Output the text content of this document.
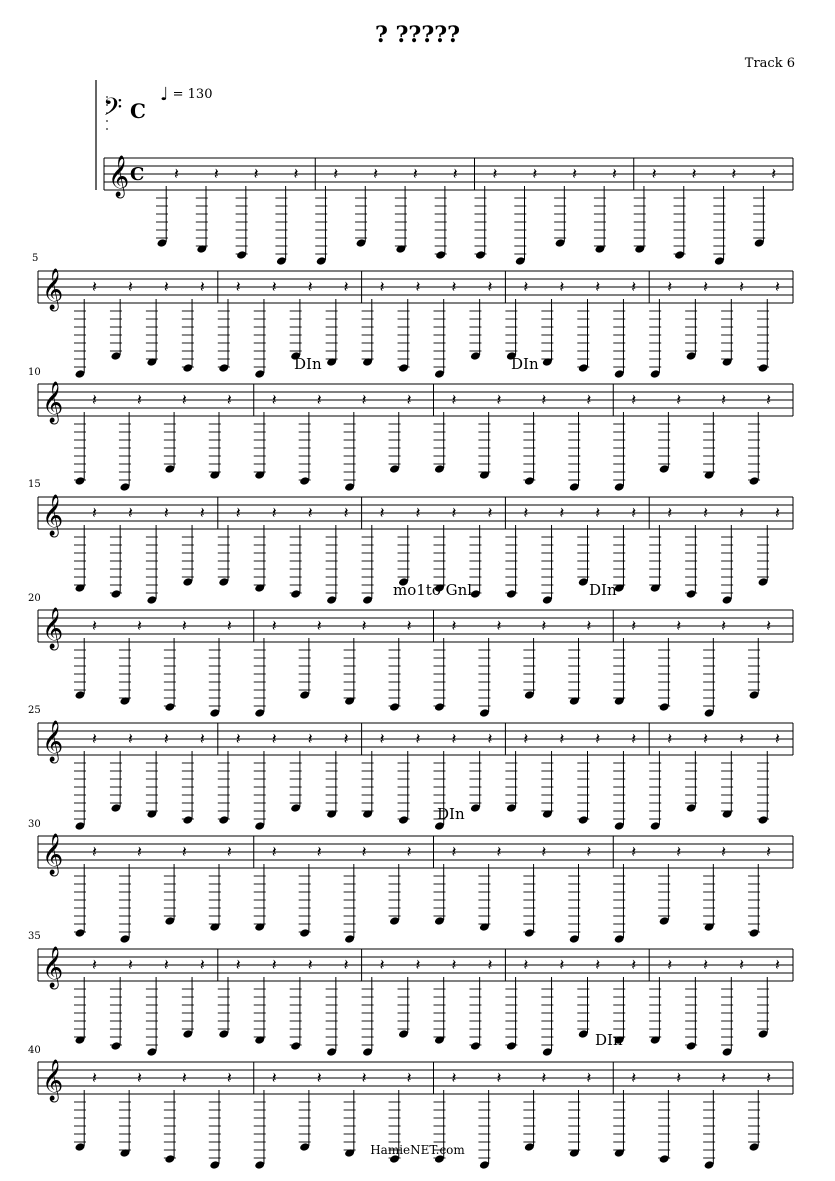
? ?????
Track 6
♩ = 130
𝄢 C
𝄞 C 𝄽 𝄽 𝄽 𝄽 𝄽 𝄽 𝄽 𝄽 𝄽 𝄽 𝄽 𝄽 𝄽 𝄽 𝄽 𝄽
𝄞 𝄽 𝄽 𝄽 𝄽 𝄽 𝄽 𝄽 𝄽 𝄽 𝄽 𝄽 𝄽 𝄽 𝄽 𝄽 𝄽 𝄽 𝄽 𝄽 𝄽
𝄞 𝄽	𝄽	𝄽	𝄽	𝄽	𝄽	𝄽	𝄽	𝄽	𝄽	𝄽	𝄽	𝄽	𝄽	𝄽	𝄽
𝄞 𝄽 𝄽 𝄽 𝄽 𝄽 𝄽 𝄽 𝄽 𝄽 𝄽 𝄽 𝄽 𝄽 𝄽 𝄽 𝄽 𝄽 𝄽 𝄽 𝄽
𝄞 𝄽	𝄽	𝄽	𝄽	𝄽	𝄽	𝄽	𝄽	𝄽	𝄽	𝄽	𝄽	𝄽	𝄽	𝄽	𝄽
𝄞 𝄽 𝄽 𝄽 𝄽 𝄽 𝄽 𝄽 𝄽 𝄽 𝄽 𝄽 𝄽 𝄽 𝄽 𝄽 𝄽 𝄽 𝄽 𝄽 𝄽
𝄞 𝄽	𝄽	𝄽	𝄽	𝄽	𝄽	𝄽	𝄽	𝄽	𝄽	𝄽	𝄽	𝄽	𝄽	𝄽	𝄽
𝄞 𝄽 𝄽 𝄽 𝄽 𝄽 𝄽 𝄽 𝄽 𝄽 𝄽 𝄽 𝄽 𝄽 𝄽 𝄽 𝄽 𝄽 𝄽 𝄽 𝄽
𝄞 𝄽	𝄽	𝄽	𝄽	𝄽	𝄽	𝄽	𝄽	𝄽	𝄽	𝄽	𝄽	𝄽	𝄽	𝄽	𝄽
5
10
15
20
25
30
35
40
DIn	DIn
mo1to Gnl	DIn
DIn
DIn
HamieNET.com
